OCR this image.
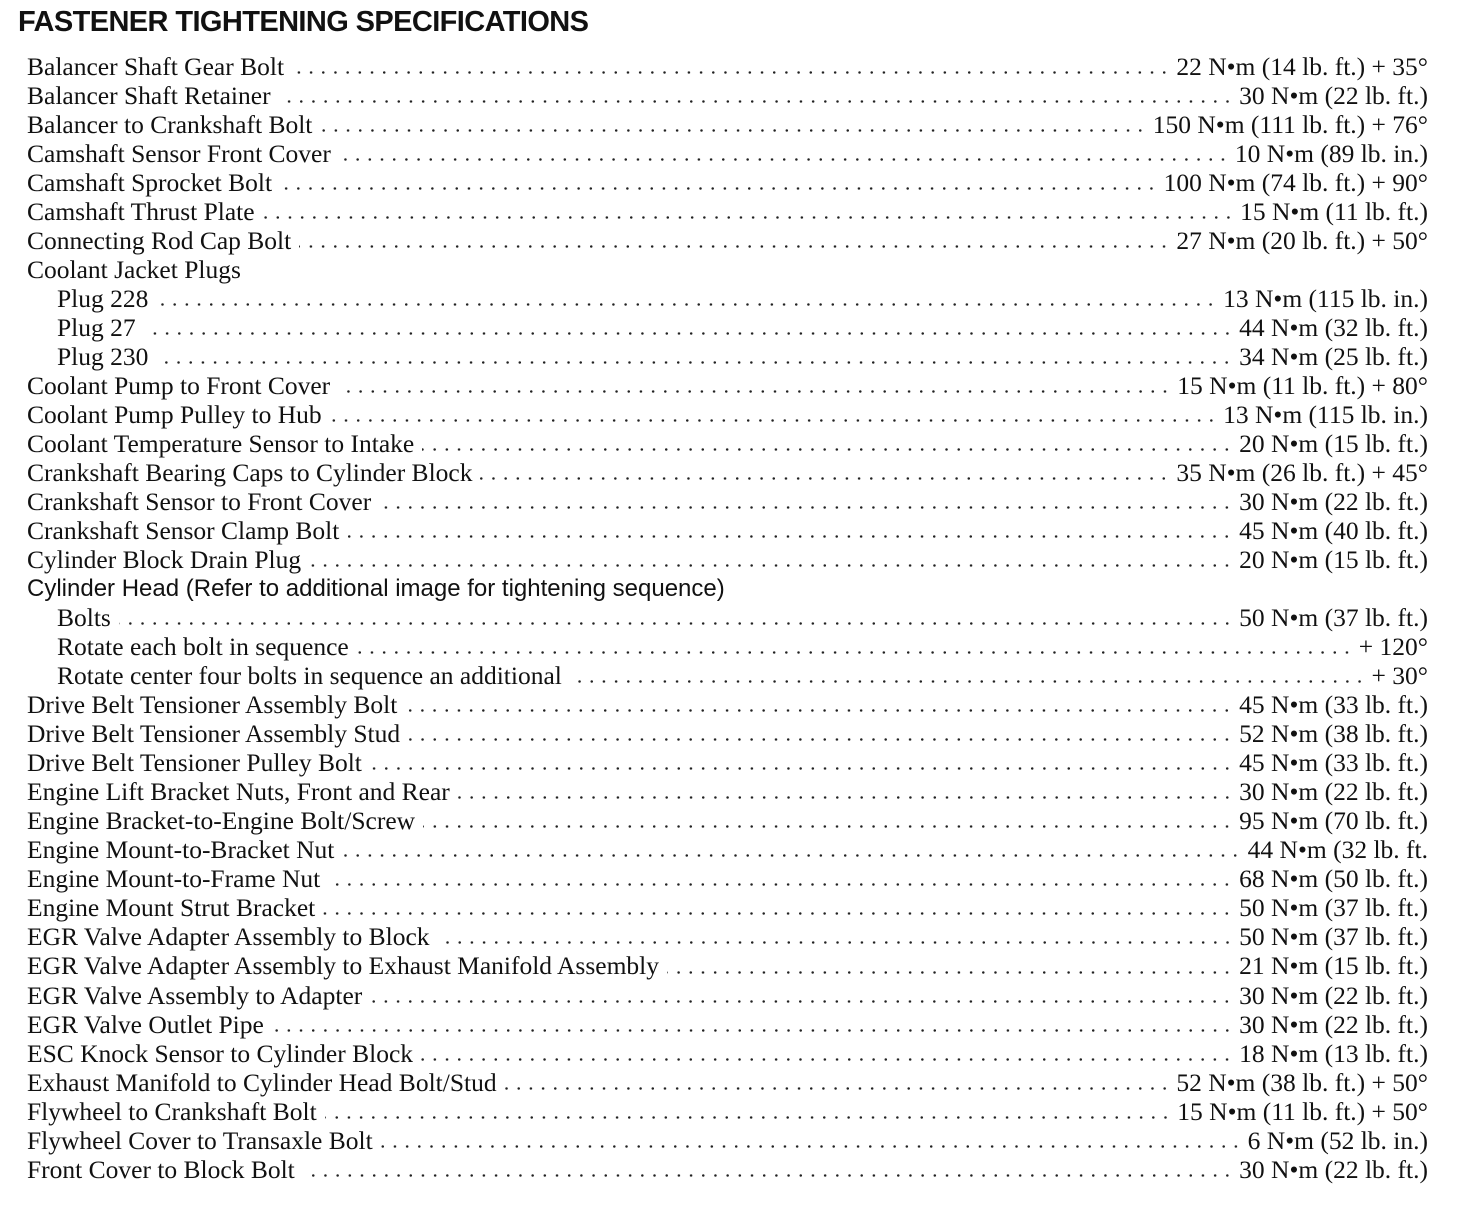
FASTENER TIGHTENING SPECIFICATIONS
Balancer Shaft Gear Bolt	22 N•m (14 lb. ft.) + 35°
Balancer Shaft Retainer	30 N•m (22 lb. ft.)
Balancer to Crankshaft Bolt	150 N•m (111 lb. ft.) + 76°
Camshaft Sensor Front Cover	10 N•m (89 lb. in.)
Camshaft Sprocket Bolt	100 N•m (74 lb. ft.) + 90°
Camshaft Thrust Plate	15 N•m (11 lb. ft.)
Connecting Rod Cap Bolt	27 N•m (20 lb. ft.) + 50°
Coolant Jacket Plugs
Plug 228	13 N•m (115 lb. in.)
Plug 27	44 N•m (32 lb. ft.)
Plug 230	34 N•m (25 lb. ft.)
Coolant Pump to Front Cover	15 N•m (11 lb. ft.) + 80°
Coolant Pump Pulley to Hub	13 N•m (115 lb. in.)
Coolant Temperature Sensor to Intake	20 N•m (15 lb. ft.)
Crankshaft Bearing Caps to Cylinder Block	35 N•m (26 lb. ft.) + 45°
Crankshaft Sensor to Front Cover	30 N•m (22 lb. ft.)
Crankshaft Sensor Clamp Bolt	45 N•m (40 lb. ft.)
Cylinder Block Drain Plug	20 N•m (15 lb. ft.)
Cylinder Head (Refer to additional image for tightening sequence)
Bolts	50 N•m (37 lb. ft.)
Rotate each bolt in sequence	+ 120°
Rotate center four bolts in sequence an additional	+ 30°
Drive Belt Tensioner Assembly Bolt	45 N•m (33 lb. ft.)
Drive Belt Tensioner Assembly Stud	52 N•m (38 lb. ft.)
Drive Belt Tensioner Pulley Bolt	45 N•m (33 lb. ft.)
Engine Lift Bracket Nuts, Front and Rear	30 N•m (22 lb. ft.)
Engine Bracket-to-Engine Bolt/Screw	95 N•m (70 lb. ft.)
Engine Mount-to-Bracket Nut	44 N•m (32 lb. ft.
Engine Mount-to-Frame Nut	68 N•m (50 lb. ft.)
Engine Mount Strut Bracket	50 N•m (37 lb. ft.)
EGR Valve Adapter Assembly to Block	50 N•m (37 lb. ft.)
EGR Valve Adapter Assembly to Exhaust Manifold Assembly	21 N•m (15 lb. ft.)
EGR Valve Assembly to Adapter	30 N•m (22 lb. ft.)
EGR Valve Outlet Pipe	30 N•m (22 lb. ft.)
ESC Knock Sensor to Cylinder Block	18 N•m (13 lb. ft.)
Exhaust Manifold to Cylinder Head Bolt/Stud	52 N•m (38 lb. ft.) + 50°
Flywheel to Crankshaft Bolt	15 N•m (11 lb. ft.) + 50°
Flywheel Cover to Transaxle Bolt	6 N•m (52 lb. in.)
Front Cover to Block Bolt	30 N•m (22 lb. ft.)
